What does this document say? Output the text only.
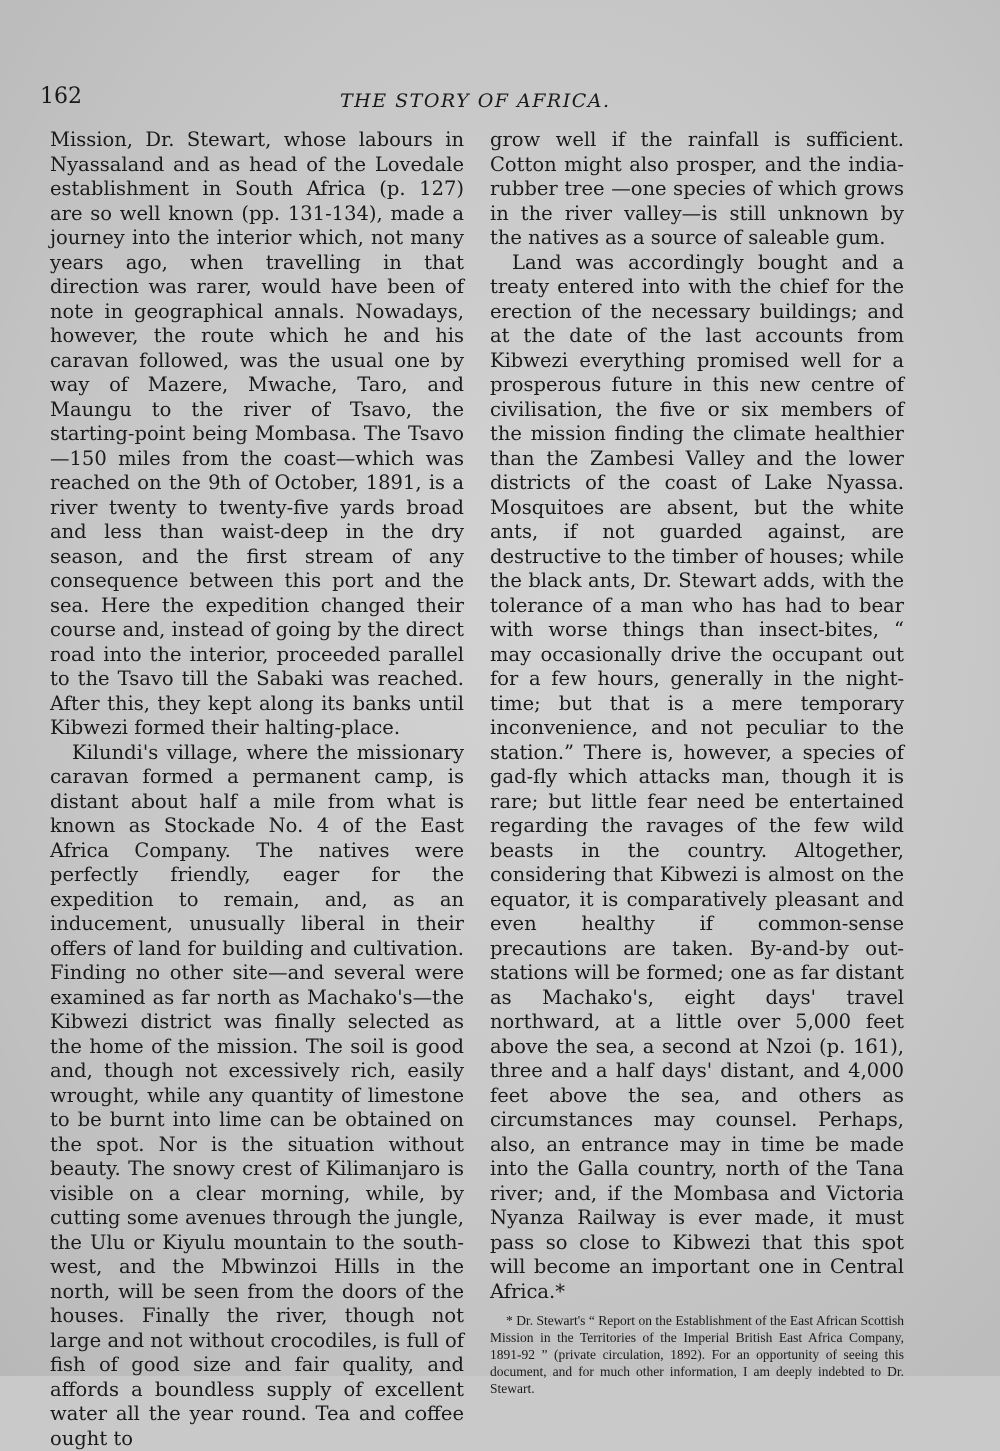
162	THE STORY OF AFRICA.

Mission, Dr. Stewart, whose labours in Nyassaland and as head of the Lovedale establishment in South Africa (p. 127) are so well known (pp. 131-134), made a journey into the interior which, not many years ago, when travelling in that direction was rarer, would have been of note in geographical annals. Nowadays, however, the route which he and his caravan followed, was the usual one by way of Mazere, Mwache, Taro, and Maungu to the river of Tsavo, the starting-point being Mombasa. The Tsavo—150 miles from the coast—which was reached on the 9th of October, 1891, is a river twenty to twenty-five yards broad and less than waist-deep in the dry season, and the first stream of any consequence between this port and the sea. Here the expedition changed their course and, instead of going by the direct road into the interior, proceeded parallel to the Tsavo till the Sabaki was reached. After this, they kept along its banks until Kibwezi formed their halting-place.

Kilundi's village, where the missionary caravan formed a permanent camp, is distant about half a mile from what is known as Stockade No. 4 of the East Africa Company. The natives were perfectly friendly, eager for the expedition to remain, and, as an inducement, unusually liberal in their offers of land for building and cultivation. Finding no other site—and several were examined as far north as Machako's—the Kibwezi district was finally selected as the home of the mission. The soil is good and, though not excessively rich, easily wrought, while any quantity of limestone to be burnt into lime can be obtained on the spot. Nor is the situation without beauty. The snowy crest of Kilimanjaro is visible on a clear morning, while, by cutting some avenues through the jungle, the Ulu or Kiyulu mountain to the south-west, and the Mbwinzoi Hills in the north, will be seen from the doors of the houses. Finally the river, though not large and not without crocodiles, is full of fish of good size and fair quality, and affords a boundless supply of excellent water all the year round. Tea and coffee ought to

grow well if the rainfall is sufficient. Cotton might also prosper, and the india-rubber tree —one species of which grows in the river valley—is still unknown by the natives as a source of saleable gum.

Land was accordingly bought and a treaty entered into with the chief for the erection of the necessary buildings; and at the date of the last accounts from Kibwezi everything promised well for a prosperous future in this new centre of civilisation, the five or six members of the mission finding the climate healthier than the Zambesi Valley and the lower districts of the coast of Lake Nyassa. Mosquitoes are absent, but the white ants, if not guarded against, are destructive to the timber of houses; while the black ants, Dr. Stewart adds, with the tolerance of a man who has had to bear with worse things than insect-bites, “ may occasionally drive the occupant out for a few hours, generally in the night-time; but that is a mere temporary inconvenience, and not peculiar to the station.” There is, however, a species of gad-fly which attacks man, though it is rare; but little fear need be entertained regarding the ravages of the few wild beasts in the country. Altogether, considering that Kibwezi is almost on the equator, it is comparatively pleasant and even healthy if common-sense precautions are taken. By-and-by out-stations will be formed; one as far distant as Machako's, eight days' travel northward, at a little over 5,000 feet above the sea, a second at Nzoi (p. 161), three and a half days' distant, and 4,000 feet above the sea, and others as circumstances may counsel. Perhaps, also, an entrance may in time be made into the Galla country, north of the Tana river; and, if the Mombasa and Victoria Nyanza Railway is ever made, it must pass so close to Kibwezi that this spot will become an important one in Central Africa.*

* Dr. Stewart's “ Report on the Establishment of the East African Scottish Mission in the Territories of the Imperial British East Africa Company, 1891-92 ” (private circulation, 1892). For an opportunity of seeing this document, and for much other information, I am deeply indebted to Dr. Stewart.
